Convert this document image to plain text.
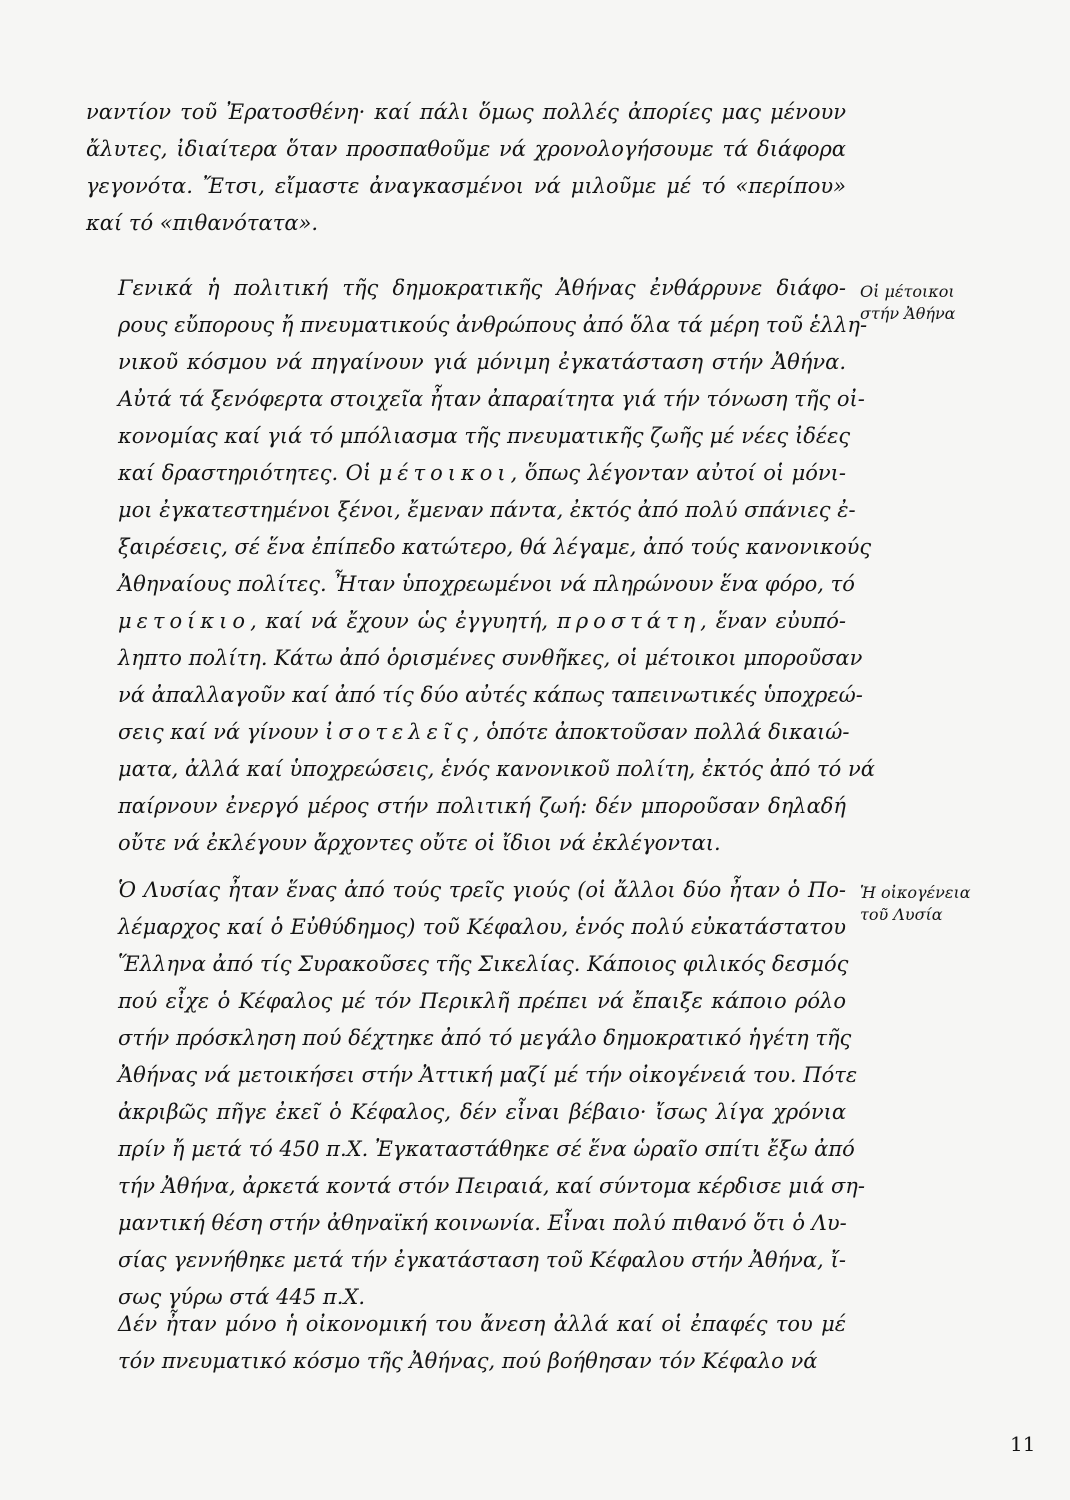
ναντίον τοῦ Ἐρατοσθένη· καί πάλι ὅμως πολλές ἀπορίες μας μένουν
ἄλυτες, ἰδιαίτερα ὅταν προσπαθοῦμε νά χρονολογήσουμε τά διάφορα
γεγονότα. Ἔτσι, εἴμαστε ἀναγκασμένοι νά μιλοῦμε μέ τό «περίπου»
καί τό «πιθανότατα».
Γενικά ἡ πολιτική τῆς δημοκρατικῆς Ἀθήνας ἐνθάρρυνε διάφο-
ρους εὔπορους ἤ πνευματικούς ἀνθρώπους ἀπό ὅλα τά μέρη τοῦ ἑλλη-
νικοῦ κόσμου νά πηγαίνουν γιά μόνιμη ἐγκατάσταση στήν Ἀθήνα.
Αὐτά τά ξενόφερτα στοιχεῖα ἦταν ἀπαραίτητα γιά τήν τόνωση τῆς οἰ-
κονομίας καί γιά τό μπόλιασμα τῆς πνευματικῆς ζωῆς μέ νέες ἰδέες
καί δραστηριότητες. Οἱ μέτοικοι, ὅπως λέγονταν αὐτοί οἱ μόνι-
μοι ἐγκατεστημένοι ξένοι, ἔμεναν πάντα, ἐκτός ἀπό πολύ σπάνιες ἐ-
ξαιρέσεις, σέ ἕνα ἐπίπεδο κατώτερο, θά λέγαμε, ἀπό τούς κανονικούς
Ἀθηναίους πολίτες. Ἦταν ὑποχρεωμένοι νά πληρώνουν ἕνα φόρο, τό
μετοίκιο, καί νά ἔχουν ὡς ἐγγυητή, προστάτη, ἕναν εὐυπό-
ληπτο πολίτη. Κάτω ἀπό ὁρισμένες συνθῆκες, οἱ μέτοικοι μποροῦσαν
νά ἀπαλλαγοῦν καί ἀπό τίς δύο αὐτές κάπως ταπεινωτικές ὑποχρεώ-
σεις καί νά γίνουν ἰσοτελεῖς, ὁπότε ἀποκτοῦσαν πολλά δικαιώ-
ματα, ἀλλά καί ὑποχρεώσεις, ἑνός κανονικοῦ πολίτη, ἐκτός ἀπό τό νά
παίρνουν ἐνεργό μέρος στήν πολιτική ζωή: δέν μποροῦσαν δηλαδή
οὔτε νά ἐκλέγουν ἄρχοντες οὔτε οἱ ἴδιοι νά ἐκλέγονται.
Ὁ Λυσίας ἦταν ἕνας ἀπό τούς τρεῖς γιούς (οἱ ἄλλοι δύο ἦταν ὁ Πο-
λέμαρχος καί ὁ Εὐθύδημος) τοῦ Κέφαλου, ἑνός πολύ εὐκατάστατου
Ἕλληνα ἀπό τίς Συρακοῦσες τῆς Σικελίας. Κάποιος φιλικός δεσμός
πού εἶχε ὁ Κέφαλος μέ τόν Περικλῆ πρέπει νά ἔπαιξε κάποιο ρόλο
στήν πρόσκληση πού δέχτηκε ἀπό τό μεγάλο δημοκρατικό ἡγέτη τῆς
Ἀθήνας νά μετοικήσει στήν Ἀττική μαζί μέ τήν οἰκογένειά του. Πότε
ἀκριβῶς πῆγε ἐκεῖ ὁ Κέφαλος, δέν εἶναι βέβαιο· ἴσως λίγα χρόνια
πρίν ἤ μετά τό 450 π.Χ. Ἐγκαταστάθηκε σέ ἕνα ὡραῖο σπίτι ἔξω ἀπό
τήν Ἀθήνα, ἀρκετά κοντά στόν Πειραιά, καί σύντομα κέρδισε μιά ση-
μαντική θέση στήν ἀθηναϊκή κοινωνία. Εἶναι πολύ πιθανό ὅτι ὁ Λυ-
σίας γεννήθηκε μετά τήν ἐγκατάσταση τοῦ Κέφαλου στήν Ἀθήνα, ἴ-
σως γύρω στά 445 π.Χ.
Δέν ἦταν μόνο ἡ οἰκονομική του ἄνεση ἀλλά καί οἱ ἐπαφές του μέ
τόν πνευματικό κόσμο τῆς Ἀθήνας, πού βοήθησαν τόν Κέφαλο νά
Οἱ μέτοικοι
στήν Ἀθήνα
Ἡ οἰκογένεια
τοῦ Λυσία
11
